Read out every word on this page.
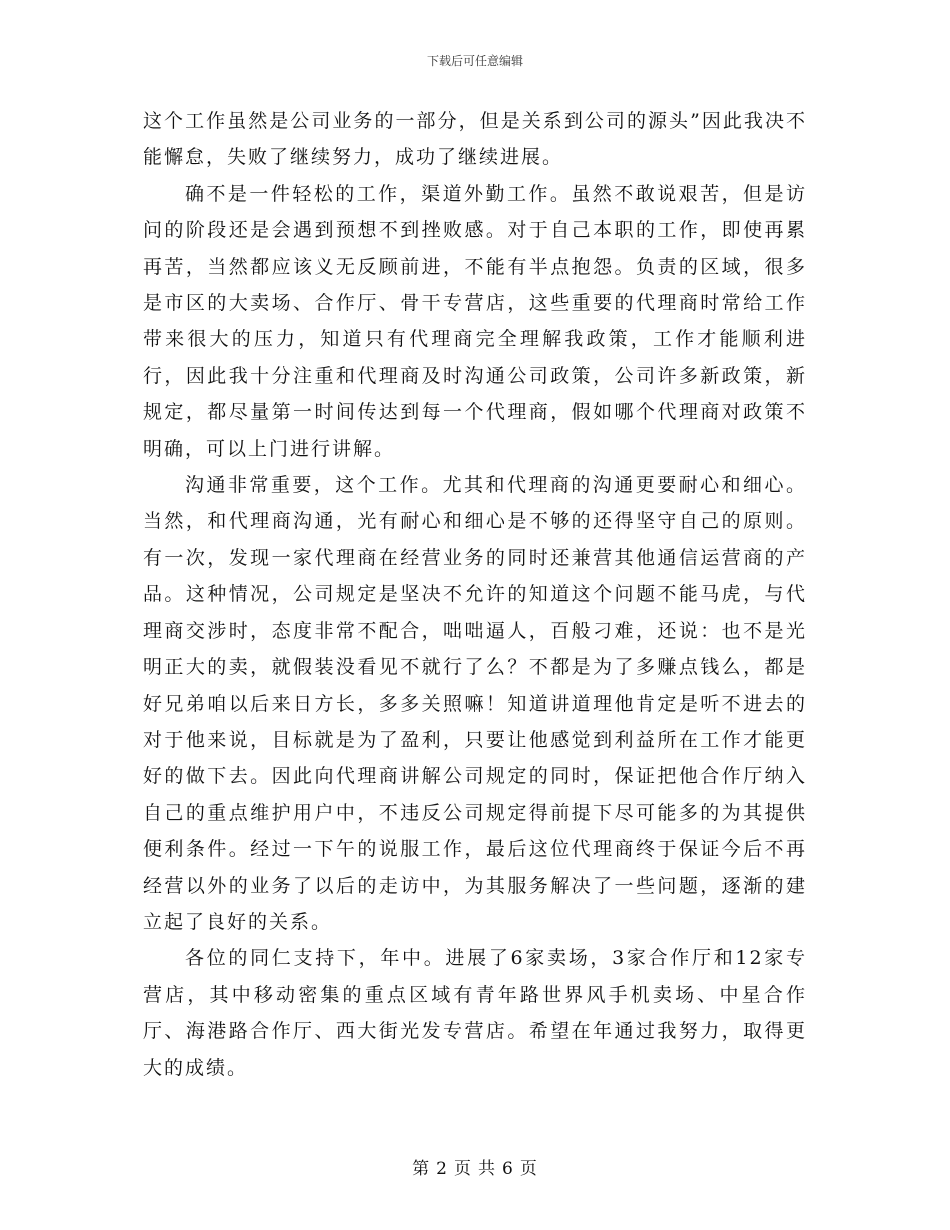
下载后可任意编辑

这个工作虽然是公司业务的一部分，但是关系到公司的源头”因此我决不能懈怠，失败了继续努力，成功了继续进展。

确不是一件轻松的工作，渠道外勤工作。虽然不敢说艰苦，但是访问的阶段还是会遇到预想不到挫败感。对于自己本职的工作，即使再累再苦，当然都应该义无反顾前进，不能有半点抱怨。负责的区域，很多是市区的大卖场、合作厅、骨干专营店，这些重要的代理商时常给工作带来很大的压力，知道只有代理商完全理解我政策，工作才能顺利进行，因此我十分注重和代理商及时沟通公司政策，公司许多新政策，新规定，都尽量第一时间传达到每一个代理商，假如哪个代理商对政策不明确，可以上门进行讲解。

沟通非常重要，这个工作。尤其和代理商的沟通更要耐心和细心。当然，和代理商沟通，光有耐心和细心是不够的还得坚守自己的原则。有一次，发现一家代理商在经营业务的同时还兼营其他通信运营商的产品。这种情况，公司规定是坚决不允许的知道这个问题不能马虎，与代理商交涉时，态度非常不配合，咄咄逼人，百般刁难，还说：也不是光明正大的卖，就假装没看见不就行了么？不都是为了多赚点钱么，都是好兄弟咱以后来日方长，多多关照嘛！知道讲道理他肯定是听不进去的对于他来说，目标就是为了盈利，只要让他感觉到利益所在工作才能更好的做下去。因此向代理商讲解公司规定的同时，保证把他合作厅纳入自己的重点维护用户中，不违反公司规定得前提下尽可能多的为其提供便利条件。经过一下午的说服工作，最后这位代理商终于保证今后不再经营以外的业务了以后的走访中，为其服务解决了一些问题，逐渐的建立起了良好的关系。

各位的同仁支持下，年中。进展了6家卖场，3家合作厅和12家专营店，其中移动密集的重点区域有青年路世界风手机卖场、中星合作厅、海港路合作厅、西大街光发专营店。希望在年通过我努力，取得更大的成绩。

第 2 页 共 6 页
